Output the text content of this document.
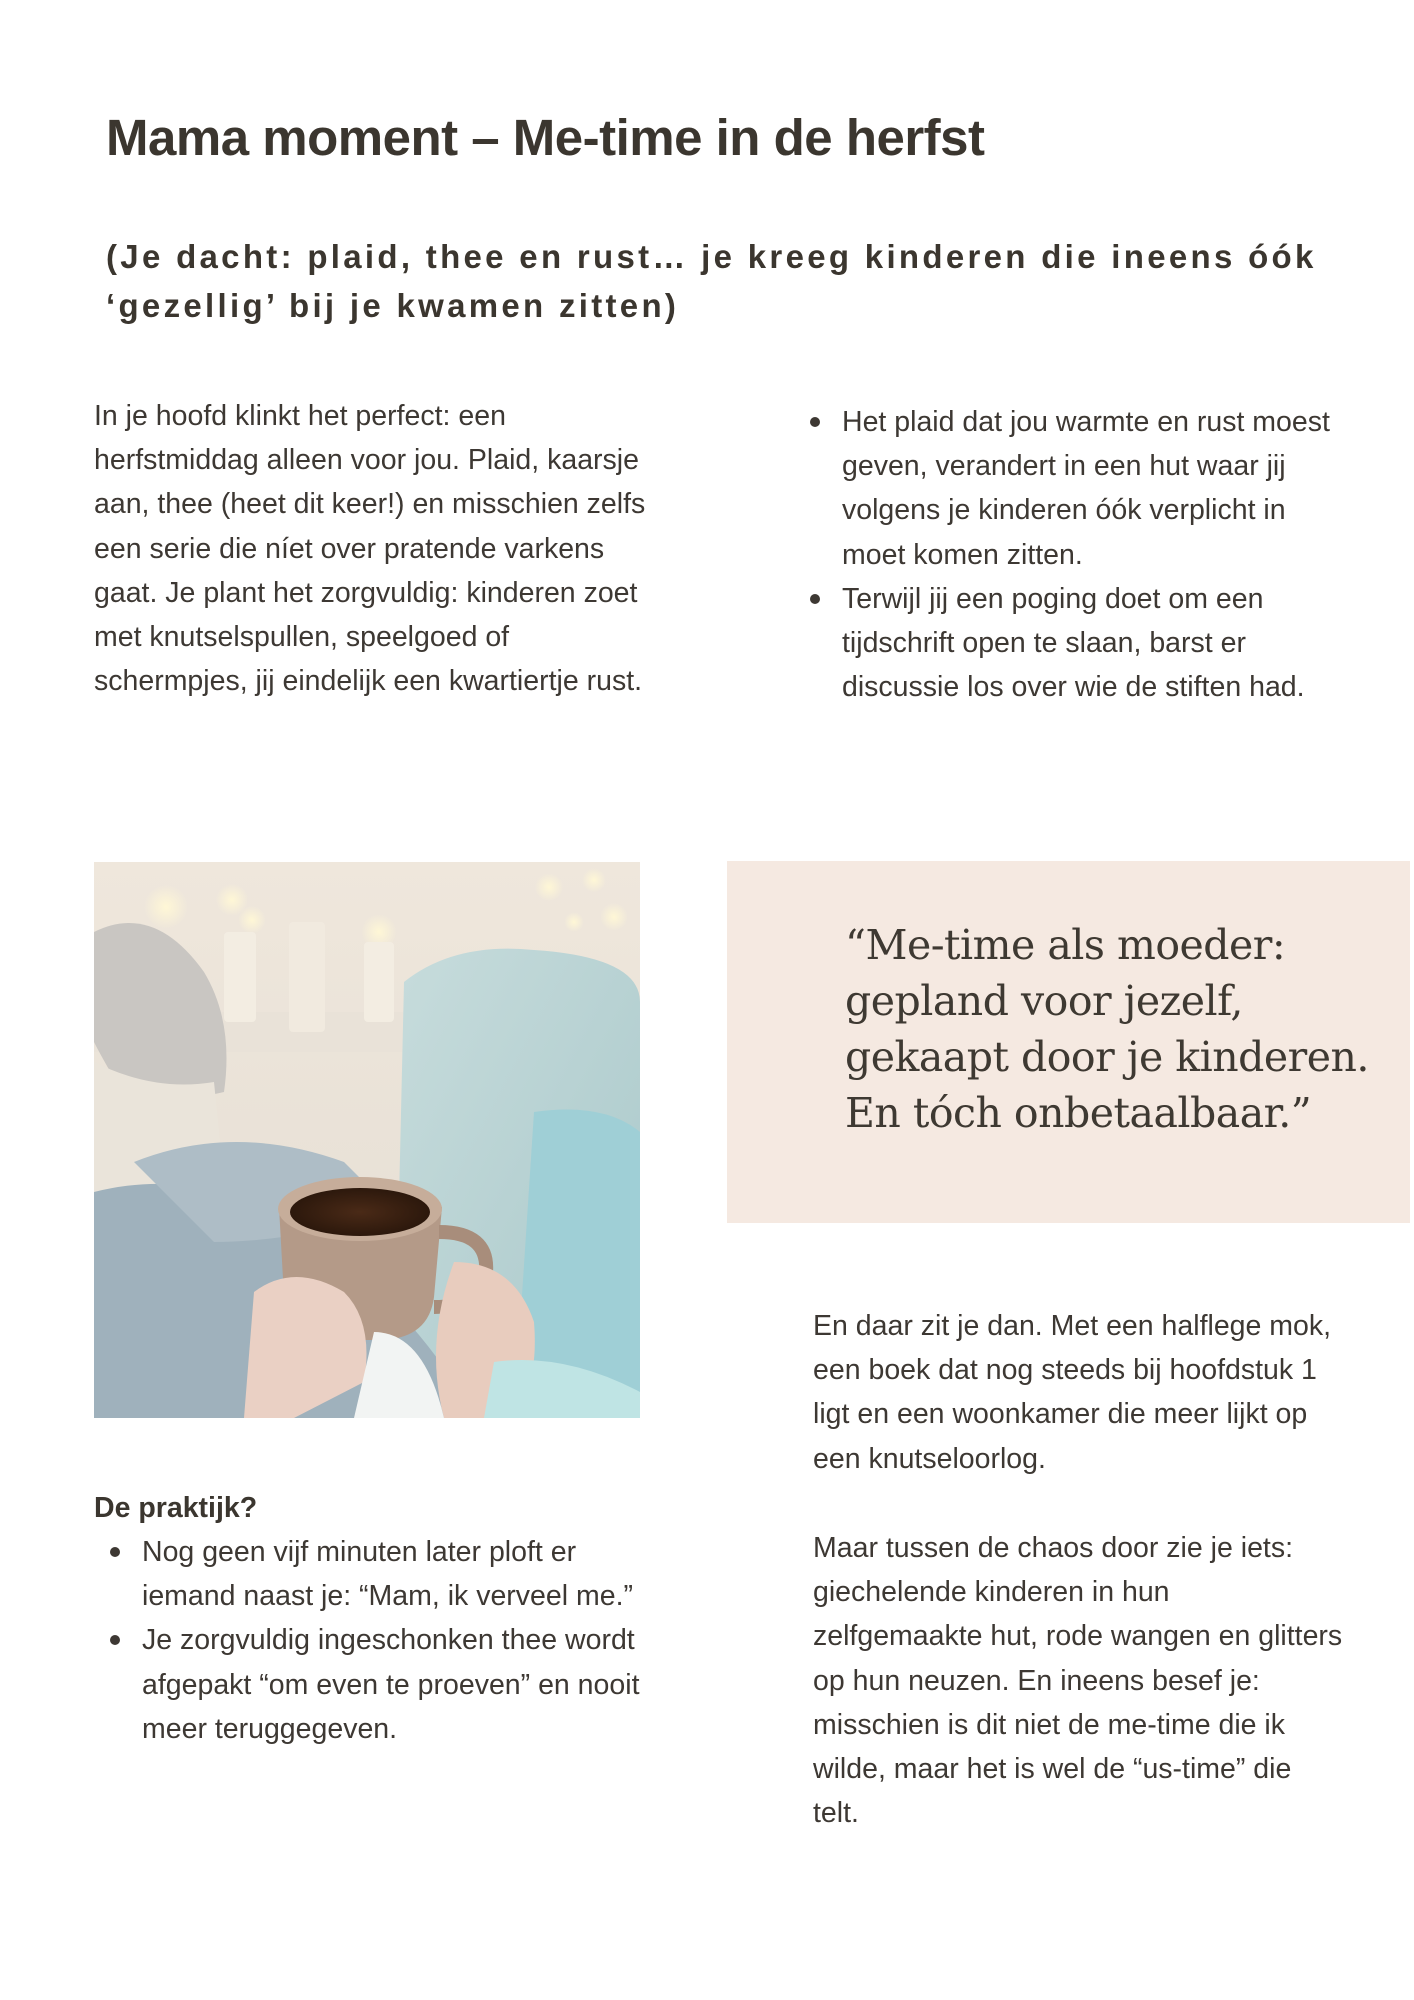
Mama moment – Me-time in de herfst
(Je dacht: plaid, thee en rust… je kreeg kinderen die ineens óók ‘gezellig’ bij je kwamen zitten)

In je hoofd klinkt het perfect: een herfstmiddag alleen voor jou. Plaid, kaarsje aan, thee (heet dit keer!) en misschien zelfs een serie die níet over pratende varkens gaat. Je plant het zorgvuldig: kinderen zoet met knutselspullen, speelgoed of schermpjes, jij eindelijk een kwartiertje rust.

Het plaid dat jou warmte en rust moest geven, verandert in een hut waar jij volgens je kinderen óók verplicht in moet komen zitten.
Terwijl jij een poging doet om een tijdschrift open te slaan, barst er discussie los over wie de stiften had.

“Me-time als moeder: gepland voor jezelf, gekaapt door je kinderen. En tóch onbetaalbaar.”

De praktijk?

Nog geen vijf minuten later ploft er iemand naast je: “Mam, ik verveel me.”
Je zorgvuldig ingeschonken thee wordt afgepakt “om even te proeven” en nooit meer teruggegeven.

En daar zit je dan. Met een halflege mok, een boek dat nog steeds bij hoofdstuk 1 ligt en een woonkamer die meer lijkt op een knutseloorlog.

Maar tussen de chaos door zie je iets: giechelende kinderen in hun zelfgemaakte hut, rode wangen en glitters op hun neuzen. En ineens besef je: misschien is dit niet de me-time die ik wilde, maar het is wel de “us-time” die telt.
